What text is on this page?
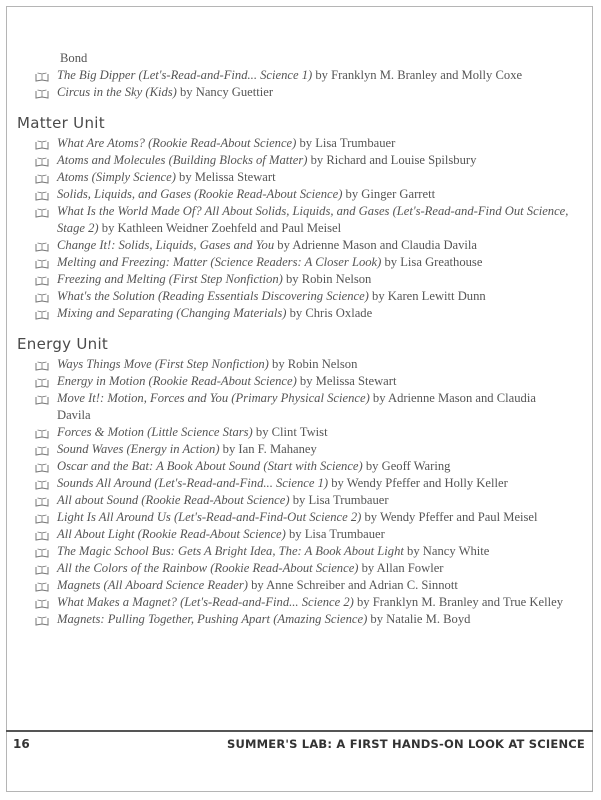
Bond
The Big Dipper (Let's-Read-and-Find... Science 1) by Franklyn M. Branley and Molly Coxe
Circus in the Sky (Kids) by Nancy Guettier
Matter Unit
What Are Atoms? (Rookie Read-About Science) by Lisa Trumbauer
Atoms and Molecules (Building Blocks of Matter) by Richard and Louise Spilsbury
Atoms (Simply Science) by Melissa Stewart
Solids, Liquids, and Gases (Rookie Read-About Science) by Ginger Garrett
What Is the World Made Of? All About Solids, Liquids, and Gases (Let's-Read-and-Find Out Science, Stage 2) by Kathleen Weidner Zoehfeld and Paul Meisel
Change It!: Solids, Liquids, Gases and You by Adrienne Mason and Claudia Davila
Melting and Freezing: Matter (Science Readers: A Closer Look) by Lisa Greathouse
Freezing and Melting (First Step Nonfiction) by Robin Nelson
What's the Solution (Reading Essentials Discovering Science) by Karen Lewitt Dunn
Mixing and Separating (Changing Materials) by Chris Oxlade
Energy Unit
Ways Things Move (First Step Nonfiction) by Robin Nelson
Energy in Motion (Rookie Read-About Science) by Melissa Stewart
Move It!: Motion, Forces and You (Primary Physical Science) by Adrienne Mason and Claudia Davila
Forces & Motion (Little Science Stars) by Clint Twist
Sound Waves (Energy in Action) by Ian F. Mahaney
Oscar and the Bat: A Book About Sound (Start with Science) by Geoff Waring
Sounds All Around (Let's-Read-and-Find... Science 1) by Wendy Pfeffer and Holly Keller
All about Sound (Rookie Read-About Science) by Lisa Trumbauer
Light Is All Around Us (Let's-Read-and-Find-Out Science 2) by Wendy Pfeffer and Paul Meisel
All About Light (Rookie Read-About Science) by Lisa Trumbauer
The Magic School Bus: Gets A Bright Idea, The: A Book About Light by Nancy White
All the Colors of the Rainbow (Rookie Read-About Science) by Allan Fowler
Magnets (All Aboard Science Reader) by Anne Schreiber and Adrian C. Sinnott
What Makes a Magnet? (Let's-Read-and-Find... Science 2) by Franklyn M. Branley and True Kelley
Magnets: Pulling Together, Pushing Apart (Amazing Science) by Natalie M. Boyd
16	SUMMER'S LAB: A FIRST HANDS-ON LOOK AT SCIENCE
